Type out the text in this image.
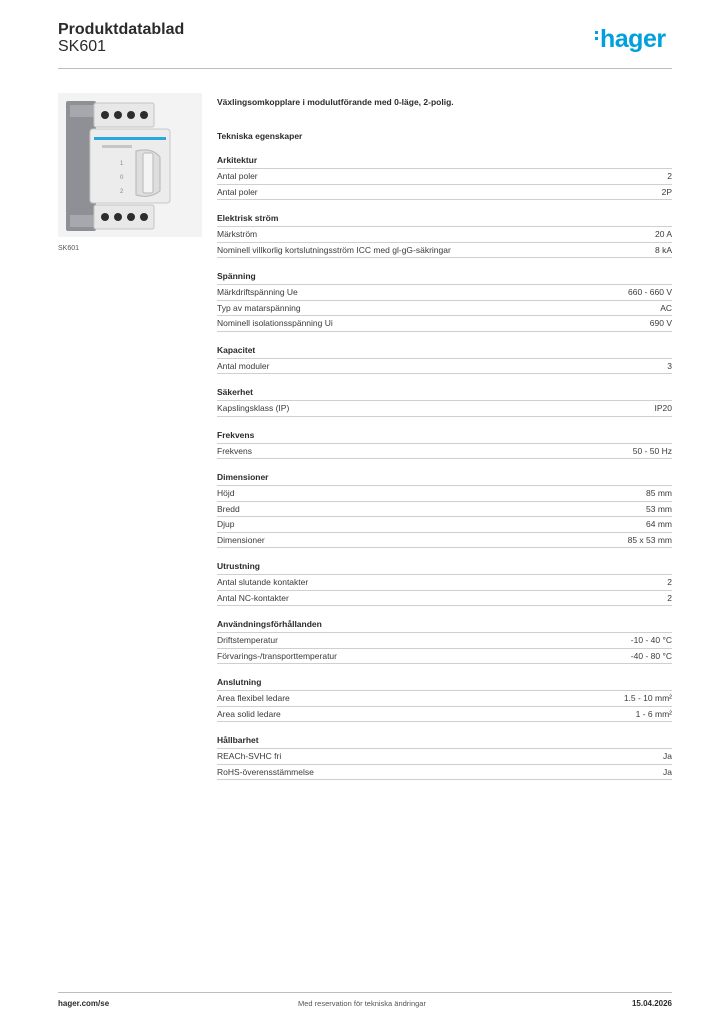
Produktdatablad
SK601	hager
1
0
2
SK601
Växlingsomkopplare i modulutförande med 0-läge, 2-polig.
Tekniska egenskaper
Arkitektur
Antal poler	2
Antal poler	2P
Elektrisk ström
Märkström	20 A
Nominell villkorlig kortslutningsström ICC med gl-gG-säkringar	8 kA
Spänning
Märkdriftspänning Ue	660 - 660 V
Typ av matarspänning	AC
Nominell isolationsspänning Ui	690 V
Kapacitet
Antal moduler	3
Säkerhet
Kapslingsklass (IP)	IP20
Frekvens
Frekvens	50 - 50 Hz
Dimensioner
Höjd	85 mm
Bredd	53 mm
Djup	64 mm
Dimensioner	85 x 53 mm
Utrustning
Antal slutande kontakter	2
Antal NC-kontakter	2
Användningsförhållanden
Driftstemperatur	-10 - 40 °C
Förvarings-/transporttemperatur	-40 - 80 °C
Anslutning
Area flexibel ledare	1.5 - 10 mm²
Area solid ledare	1 - 6 mm²
Hållbarhet
REACh-SVHC fri	Ja
RoHS-överensstämmelse	Ja
hager.com/se	Med reservation för tekniska ändringar	15.04.2026
